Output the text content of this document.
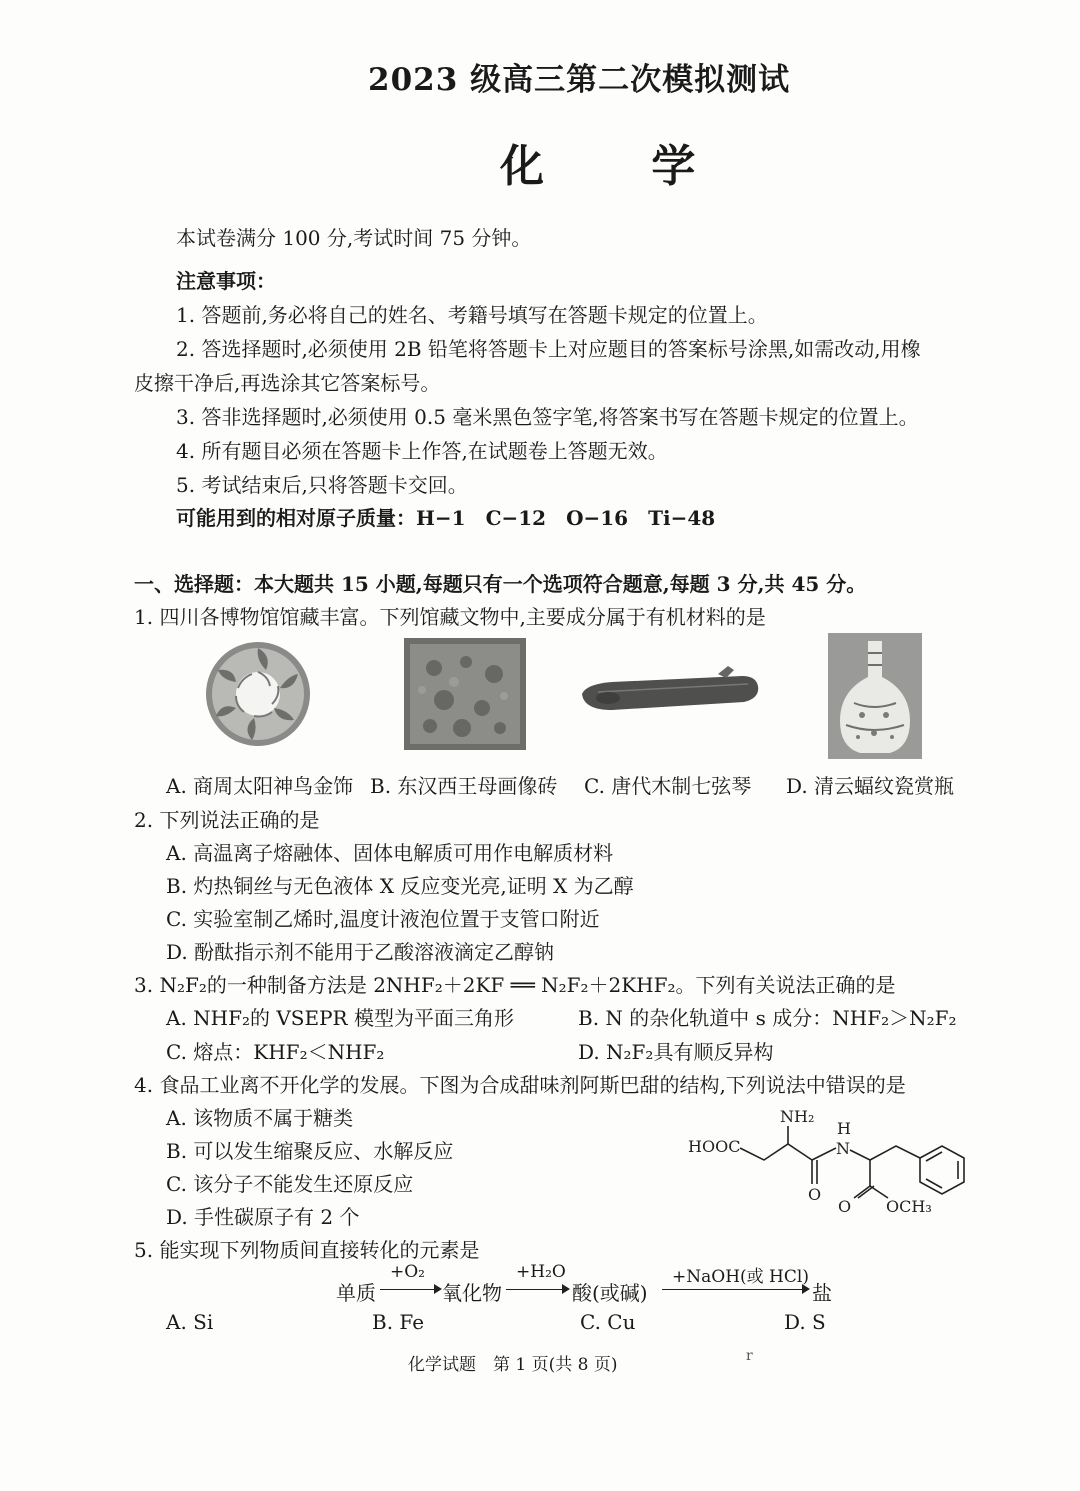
2023 级高三第二次模拟测试
化 学
本试卷满分 100 分,考试时间 75 分钟。
注意事项：
1. 答题前,务必将自己的姓名、考籍号填写在答题卡规定的位置上。
2. 答选择题时,必须使用 2B 铅笔将答题卡上对应题目的答案标号涂黑,如需改动,用橡
皮擦干净后,再选涂其它答案标号。
3. 答非选择题时,必须使用 0.5 毫米黑色签字笔,将答案书写在答题卡规定的位置上。
4. 所有题目必须在答题卡上作答,在试题卷上答题无效。
5. 考试结束后,只将答题卡交回。
可能用到的相对原子质量：H−1　C−12　O−16　Ti−48
一、选择题：本大题共 15 小题,每题只有一个选项符合题意,每题 3 分,共 45 分。
1. 四川各博物馆馆藏丰富。下列馆藏文物中,主要成分属于有机材料的是
A. 商周太阳神鸟金饰 B. 东汉西王母画像砖 C. 唐代木制七弦琴 D. 清云蝠纹瓷赏瓶
2. 下列说法正确的是
A. 高温离子熔融体、固体电解质可用作电解质材料
B. 灼热铜丝与无色液体 X 反应变光亮,证明 X 为乙醇
C. 实验室制乙烯时,温度计液泡位置于支管口附近
D. 酚酞指示剂不能用于乙酸溶液滴定乙醇钠
3. N₂F₂的一种制备方法是 2NHF₂＋2KF ══ N₂F₂＋2KHF₂。下列有关说法正确的是
A. NHF₂的 VSEPR 模型为平面三角形	B. N 的杂化轨道中 s 成分：NHF₂＞N₂F₂
C. 熔点：KHF₂＜NHF₂	D. N₂F₂具有顺反异构
4. 食品工业离不开化学的发展。下图为合成甜味剂阿斯巴甜的结构,下列说法中错误的是
A. 该物质不属于糖类
B. 可以发生缩聚反应、水解反应
C. 该分子不能发生还原反应
D. 手性碳原子有 2 个
HOOC
NH₂
H
N
O
O OCH₃
5. 能实现下列物质间直接转化的元素是
单质
+O₂
氧化物
+H₂O
酸(或碱)
+NaOH(或 HCl)
盐
A. Si	B. Fe	C. Cu	D. S
化学试题　第 1 页(共 8 页)	r
